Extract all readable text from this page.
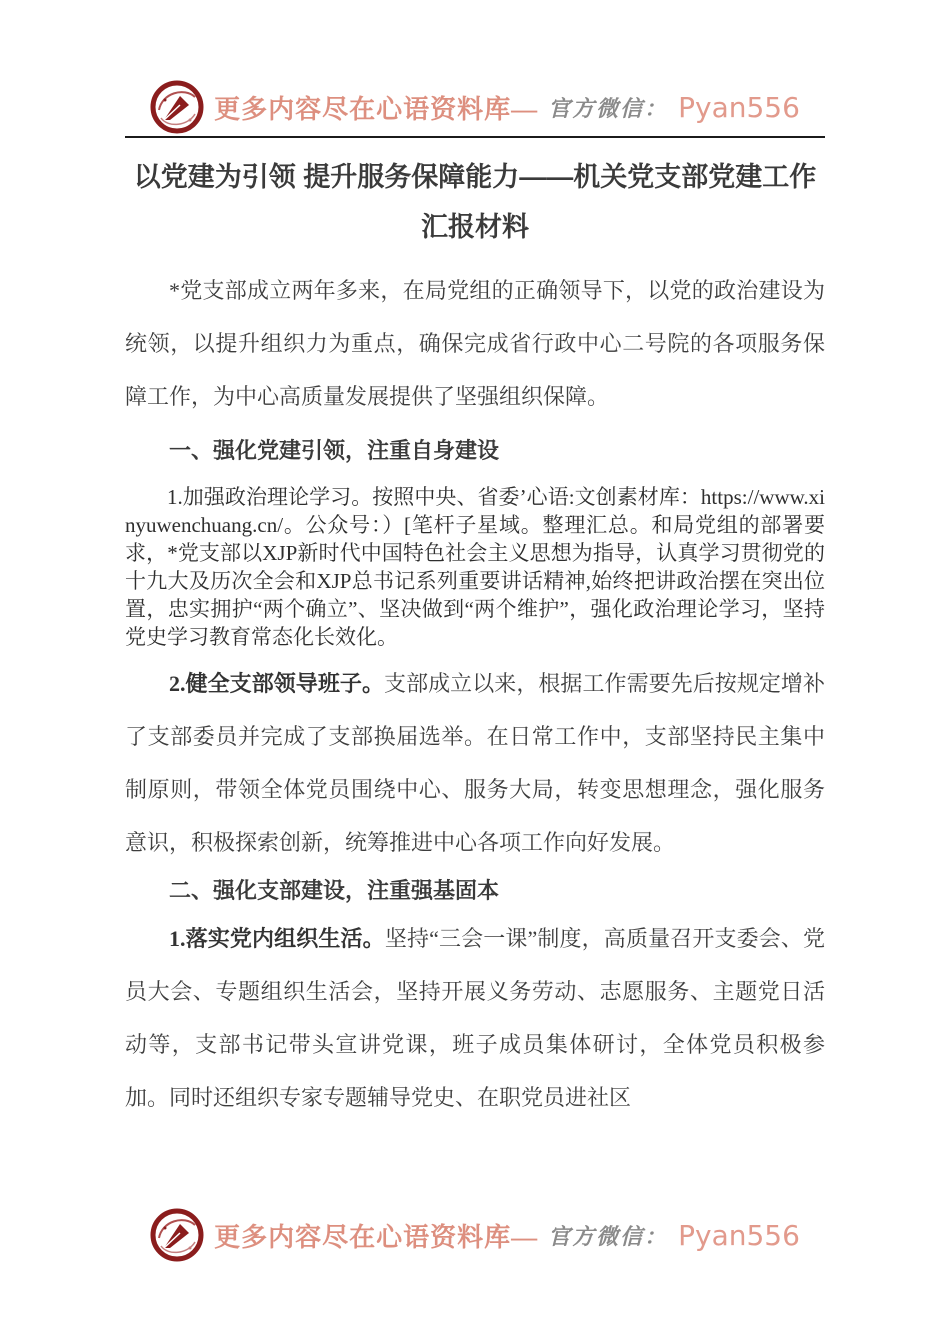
更多内容尽在心语资料库— 官方微信： Pyan556
以党建为引领 提升服务保障能力——机关党支部党建工作汇报材料

*党支部成立两年多来，在局党组的正确领导下，以党的政治建设为统领，以提升组织力为重点，确保完成省行政中心二号院的各项服务保障工作，为中心高质量发展提供了坚强组织保障。

一、强化党建引领，注重自身建设

1.加强政治理论学习。按照中央、省委’心语:文创素材库：https://www.xinyuwenchuang.cn/。公众号：）[笔杆子星域。整理汇总。和局党组的部署要求，*党支部以XJP新时代中国特色社会主义思想为指导，认真学习贯彻党的十九大及历次全会和XJP总书记系列重要讲话精神,始终把讲政治摆在突出位置，忠实拥护“两个确立”、坚决做到“两个维护”，强化政治理论学习，坚持党史学习教育常态化长效化。

2.健全支部领导班子。支部成立以来，根据工作需要先后按规定增补了支部委员并完成了支部换届选举。在日常工作中，支部坚持民主集中制原则，带领全体党员围绕中心、服务大局，转变思想理念，强化服务意识，积极探索创新，统筹推进中心各项工作向好发展。

二、强化支部建设，注重强基固本

1.落实党内组织生活。坚持“三会一课”制度，高质量召开支委会、党员大会、专题组织生活会，坚持开展义务劳动、志愿服务、主题党日活动等，支部书记带头宣讲党课，班子成员集体研讨，全体党员积极参加。同时还组织专家专题辅导党史、在职党员进社区

更多内容尽在心语资料库— 官方微信： Pyan556
